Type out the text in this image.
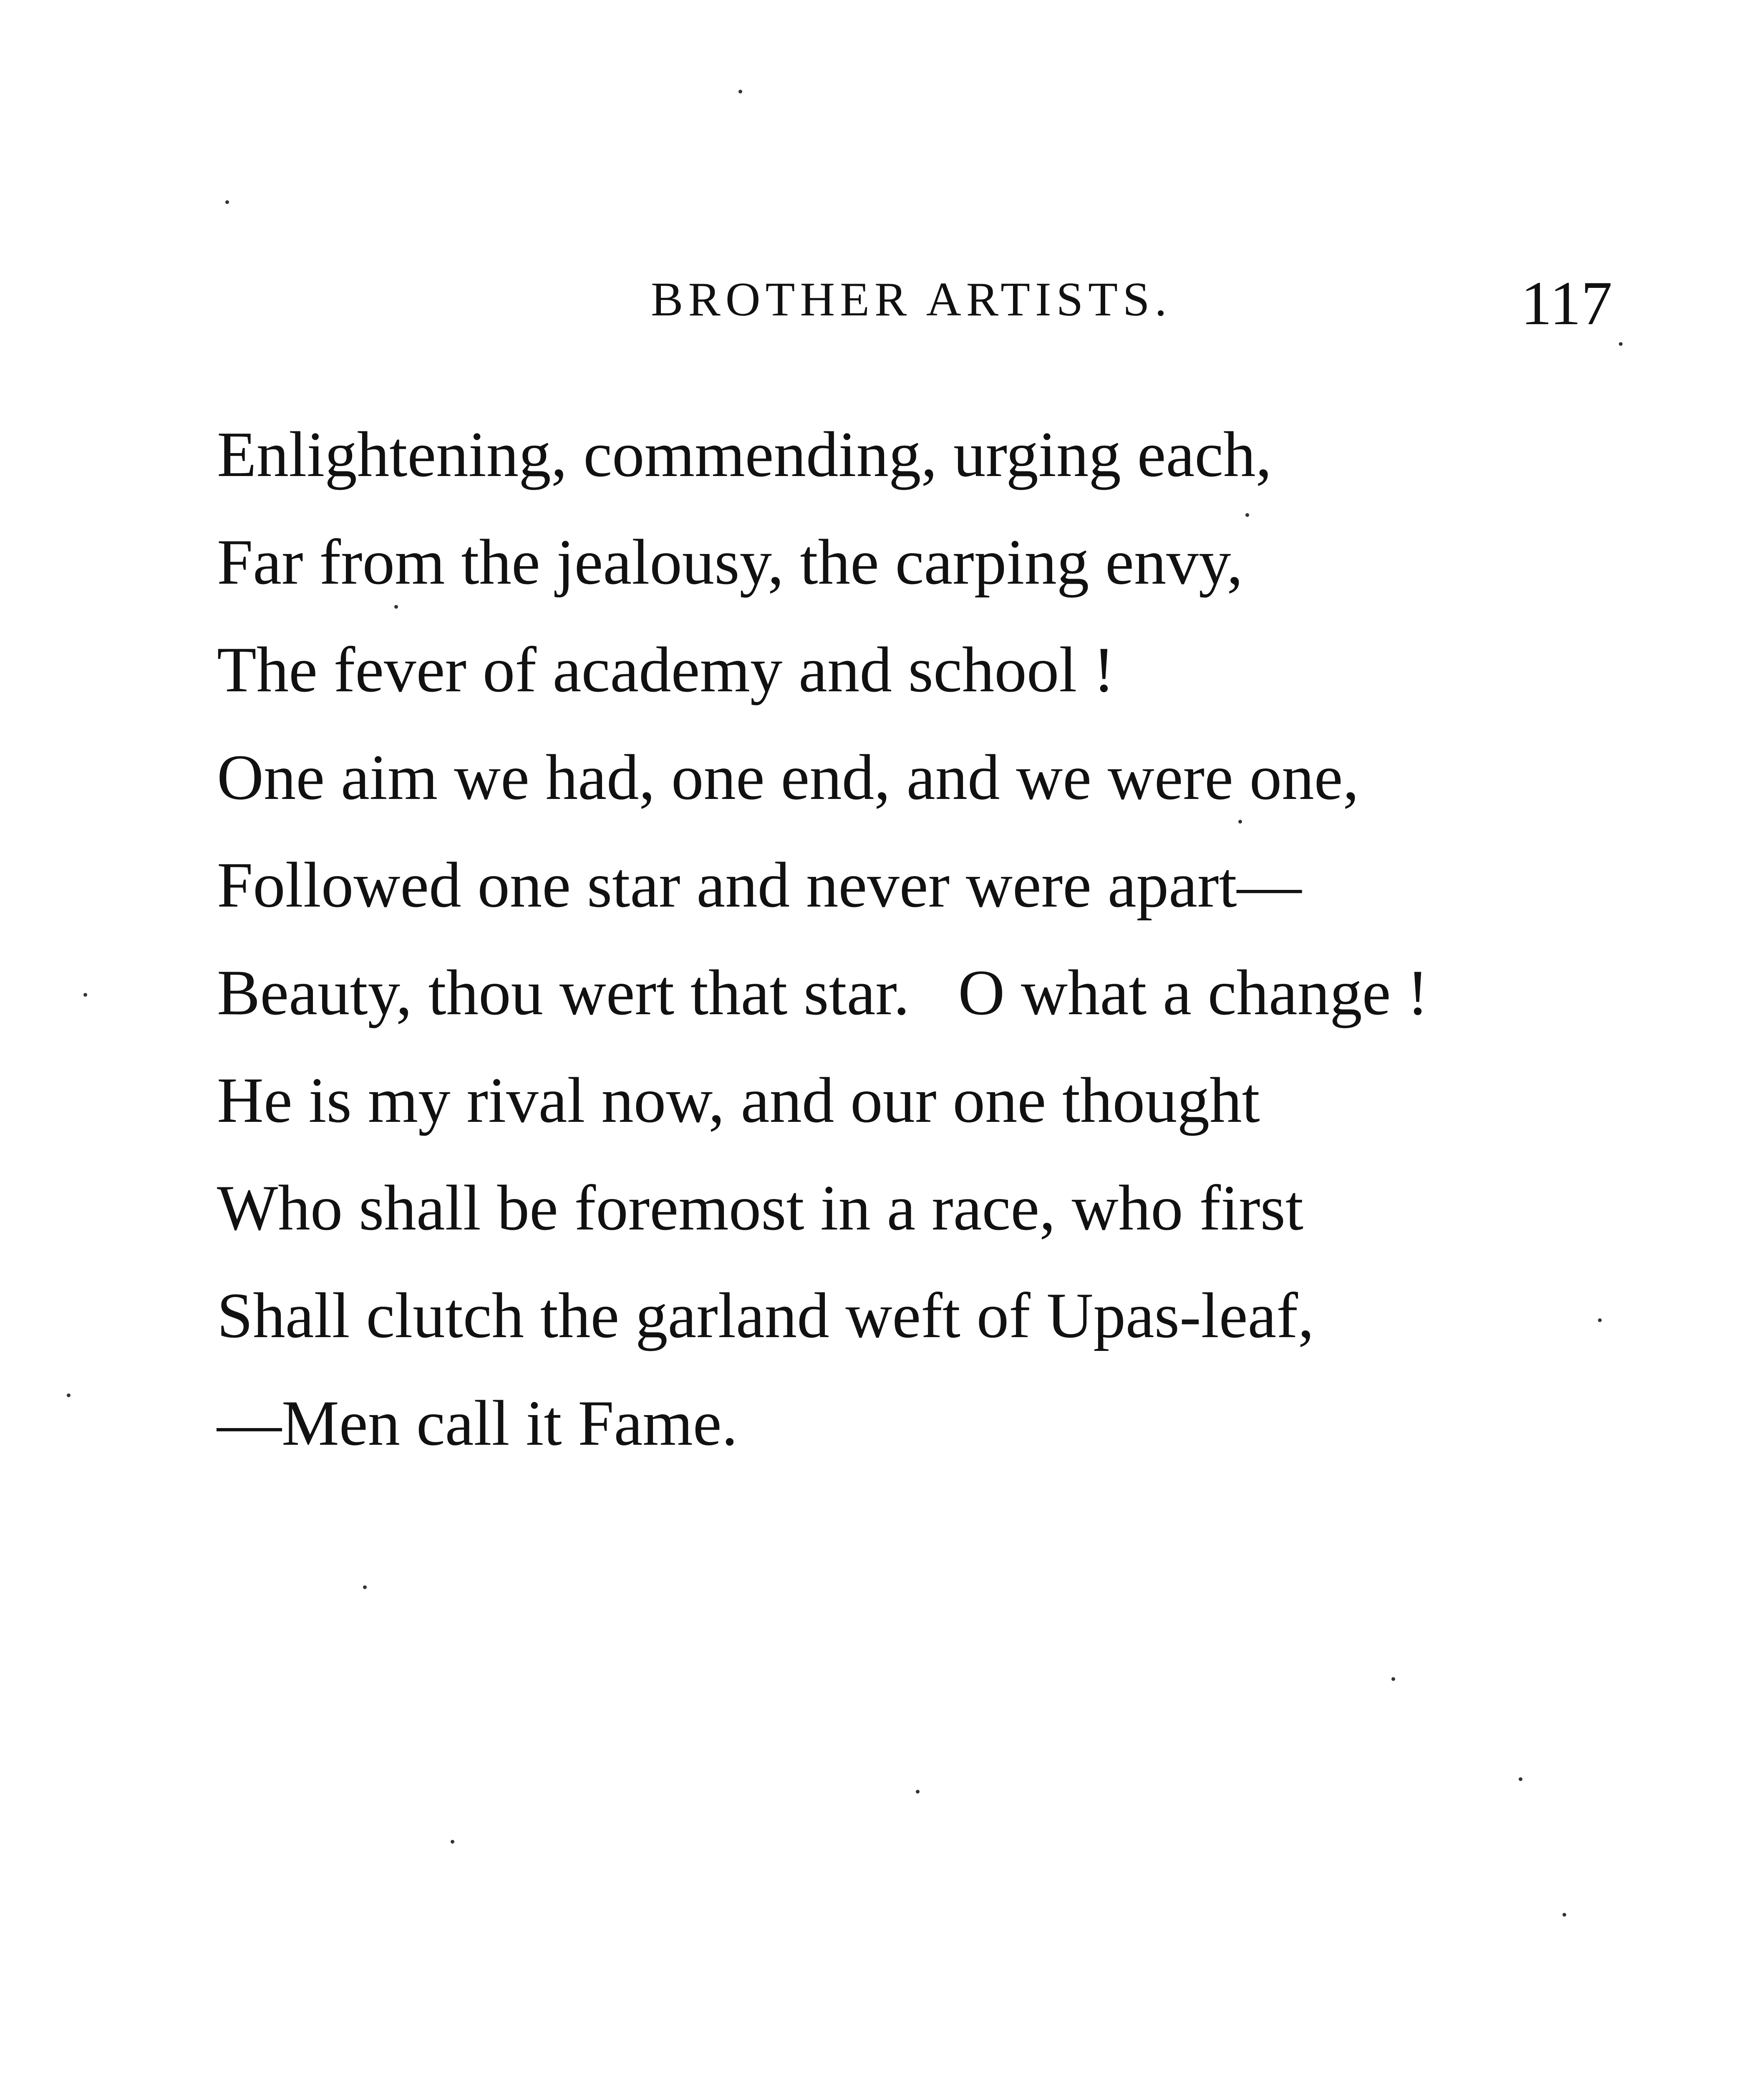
BROTHER ARTISTS.	117
Enlightening, commending, urging each,
Far from the jealousy, the carping envy,
The fever of academy and school !
One aim we had, one end, and we were one,
Followed one star and never were apart—
Beauty, thou wert that star.   O what a change !
He is my rival now, and our one thought
Who shall be foremost in a race, who first
Shall clutch the garland weft of Upas-leaf,
—Men call it Fame.
